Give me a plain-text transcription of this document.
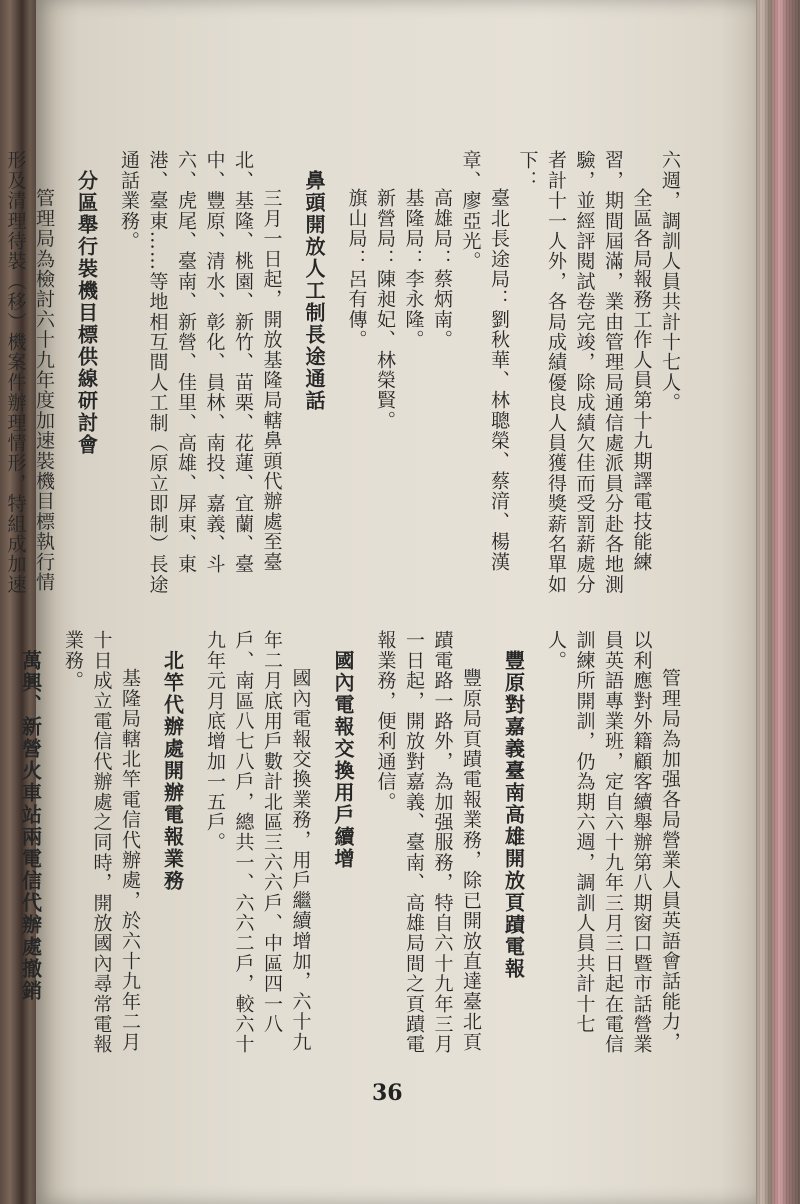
六週，調訓人員共計十七人。

全區各局報務工作人員第十九期譯電技能練習，期間屆滿，業由管理局通信處派員分赴各地測驗，並經評閱試卷完竣，除成績欠佳而受罰薪處分者計十一人外，各局成績優良人員獲得獎薪名單如下：

臺北長途局：劉秋華、林聰榮、蔡湇、楊漢章、廖亞光。

高雄局：蔡炳南。

基隆局：李永隆。

新營局：陳昶妃、林榮賢。

旗山局：呂有傳。

鼻頭開放人工制長途通話

三月一日起，開放基隆局轄鼻頭代辦處至臺北、基隆、桃園、新竹、苗栗、花蓮、宜蘭、臺中、豐原、清水、彰化、員林、南投、嘉義、斗六、虎尾、臺南、新營、佳里、高雄、屏東、東港、臺東……等地相互間人工制（原立即制）長途通話業務。

分區舉行裝機目標供線研討會

管理局為檢討六十九年度加速裝機目標執行情形及清理待裝（移）機案件辦理情形，特組成加速

管理局為加强各局營業人員英語會話能力，以利應對外籍顧客續舉辦第八期窗口暨市話營業員英語專業班，定自六十九年三月三日起在電信訓練所開訓，仍為期六週，調訓人員共計十七人。

豐原對嘉義臺南高雄開放頁蹟電報

豐原局頁蹟電報業務，除已開放直達臺北頁蹟電路一路外，為加强服務，特自六十九年三月一日起，開放對嘉義、臺南、高雄局間之頁蹟電報業務，便利通信。

國內電報交換用戶續增

國內電報交換業務，用戶繼續增加，六十九年二月底用戶數計北區三六六戶、中區四一八戶、南區八七八戶，總共一、六六二戶，較六十九年元月底增加一五戶。

北竿代辦處開辦電報業務

基隆局轄北竿電信代辦處，於六十九年二月十日成立電信代辦處之同時，開放國內尋常電報業務。

萬興、新營火車站兩電信代辦處撤銷

36
